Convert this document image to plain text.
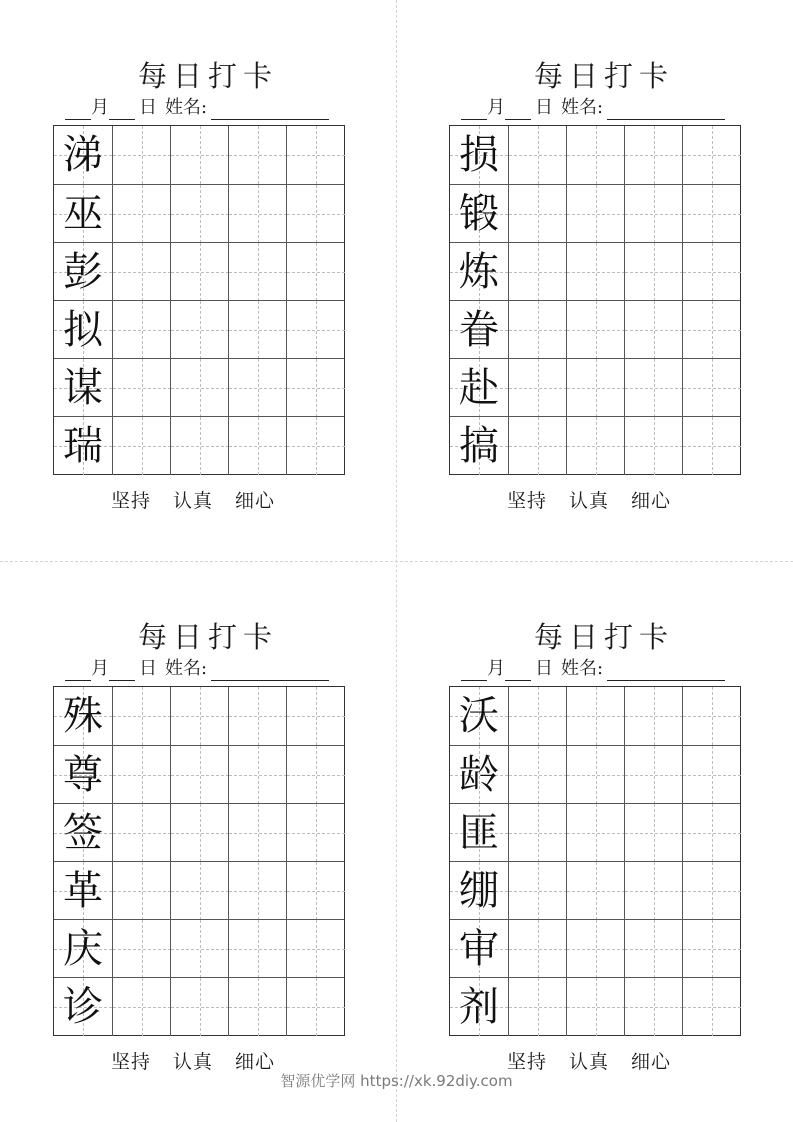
每日打卡
月 日 姓名:
涕
巫
彭
拟
谋
瑞
坚持 认真 细心
每日打卡
月 日 姓名:
损
锻
炼
眷
赴
搞
坚持 认真 细心
每日打卡
月 日 姓名:
殊
尊
签
革
庆
诊
坚持 认真 细心
每日打卡
月 日 姓名:
沃
龄
匪
绷
审
剂
坚持 认真 细心
智源优学网 https://xk.92diy.com
